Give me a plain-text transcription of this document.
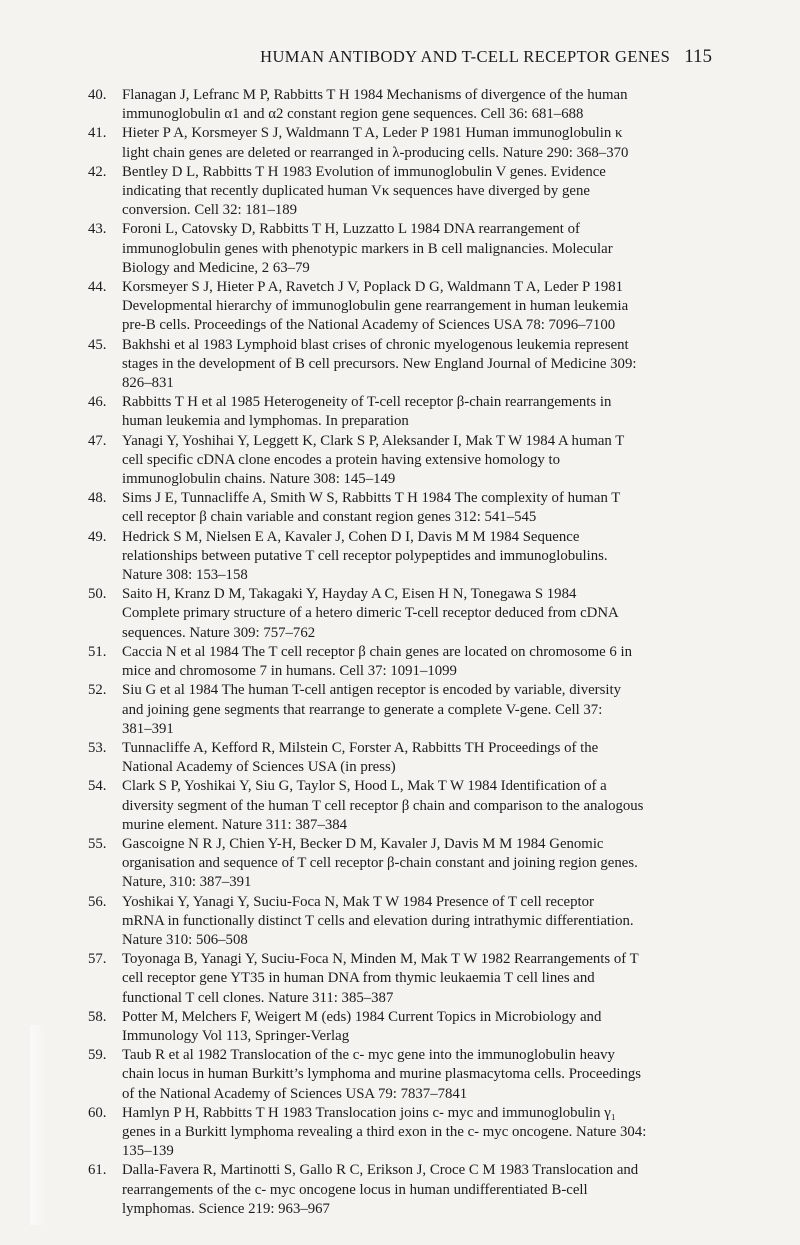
HUMAN ANTIBODY AND T-CELL RECEPTOR GENES 115
40. Flanagan J, Lefranc M P, Rabbitts T H 1984 Mechanisms of divergence of the human
immunoglobulin α1 and α2 constant region gene sequences. Cell 36: 681–688
41. Hieter P A, Korsmeyer S J, Waldmann T A, Leder P 1981 Human immunoglobulin κ
light chain genes are deleted or rearranged in λ-producing cells. Nature 290: 368–370
42. Bentley D L, Rabbitts T H 1983 Evolution of immunoglobulin V genes. Evidence
indicating that recently duplicated human Vκ sequences have diverged by gene
conversion. Cell 32: 181–189
43. Foroni L, Catovsky D, Rabbitts T H, Luzzatto L 1984 DNA rearrangement of
immunoglobulin genes with phenotypic markers in B cell malignancies. Molecular
Biology and Medicine, 2 63–79
44. Korsmeyer S J, Hieter P A, Ravetch J V, Poplack D G, Waldmann T A, Leder P 1981
Developmental hierarchy of immunoglobulin gene rearrangement in human leukemia
pre-B cells. Proceedings of the National Academy of Sciences USA 78: 7096–7100
45. Bakhshi et al 1983 Lymphoid blast crises of chronic myelogenous leukemia represent
stages in the development of B cell precursors. New England Journal of Medicine 309:
826–831
46. Rabbitts T H et al 1985 Heterogeneity of T-cell receptor β-chain rearrangements in
human leukemia and lymphomas. In preparation
47. Yanagi Y, Yoshihai Y, Leggett K, Clark S P, Aleksander I, Mak T W 1984 A human T
cell specific cDNA clone encodes a protein having extensive homology to
immunoglobulin chains. Nature 308: 145–149
48. Sims J E, Tunnacliffe A, Smith W S, Rabbitts T H 1984 The complexity of human T
cell receptor β chain variable and constant region genes 312: 541–545
49. Hedrick S M, Nielsen E A, Kavaler J, Cohen D I, Davis M M 1984 Sequence
relationships between putative T cell receptor polypeptides and immunoglobulins.
Nature 308: 153–158
50. Saito H, Kranz D M, Takagaki Y, Hayday A C, Eisen H N, Tonegawa S 1984
Complete primary structure of a hetero dimeric T-cell receptor deduced from cDNA
sequences. Nature 309: 757–762
51. Caccia N et al 1984 The T cell receptor β chain genes are located on chromosome 6 in
mice and chromosome 7 in humans. Cell 37: 1091–1099
52. Siu G et al 1984 The human T-cell antigen receptor is encoded by variable, diversity
and joining gene segments that rearrange to generate a complete V-gene. Cell 37:
381–391
53. Tunnacliffe A, Kefford R, Milstein C, Forster A, Rabbitts TH Proceedings of the
National Academy of Sciences USA (in press)
54. Clark S P, Yoshikai Y, Siu G, Taylor S, Hood L, Mak T W 1984 Identification of a
diversity segment of the human T cell receptor β chain and comparison to the analogous
murine element. Nature 311: 387–384
55. Gascoigne N R J, Chien Y-H, Becker D M, Kavaler J, Davis M M 1984 Genomic
organisation and sequence of T cell receptor β-chain constant and joining region genes.
Nature, 310: 387–391
56. Yoshikai Y, Yanagi Y, Suciu-Foca N, Mak T W 1984 Presence of T cell receptor
mRNA in functionally distinct T cells and elevation during intrathymic differentiation.
Nature 310: 506–508
57. Toyonaga B, Yanagi Y, Suciu-Foca N, Minden M, Mak T W 1982 Rearrangements of T
cell receptor gene YT35 in human DNA from thymic leukaemia T cell lines and
functional T cell clones. Nature 311: 385–387
58. Potter M, Melchers F, Weigert M (eds) 1984 Current Topics in Microbiology and
Immunology Vol 113, Springer-Verlag
59. Taub R et al 1982 Translocation of the c- myc gene into the immunoglobulin heavy
chain locus in human Burkitt’s lymphoma and murine plasmacytoma cells. Proceedings
of the National Academy of Sciences USA 79: 7837–7841
60. Hamlyn P H, Rabbitts T H 1983 Translocation joins c- myc and immunoglobulin γ₁
genes in a Burkitt lymphoma revealing a third exon in the c- myc oncogene. Nature 304:
135–139
61. Dalla-Favera R, Martinotti S, Gallo R C, Erikson J, Croce C M 1983 Translocation and
rearrangements of the c- myc oncogene locus in human undifferentiated B-cell
lymphomas. Science 219: 963–967
